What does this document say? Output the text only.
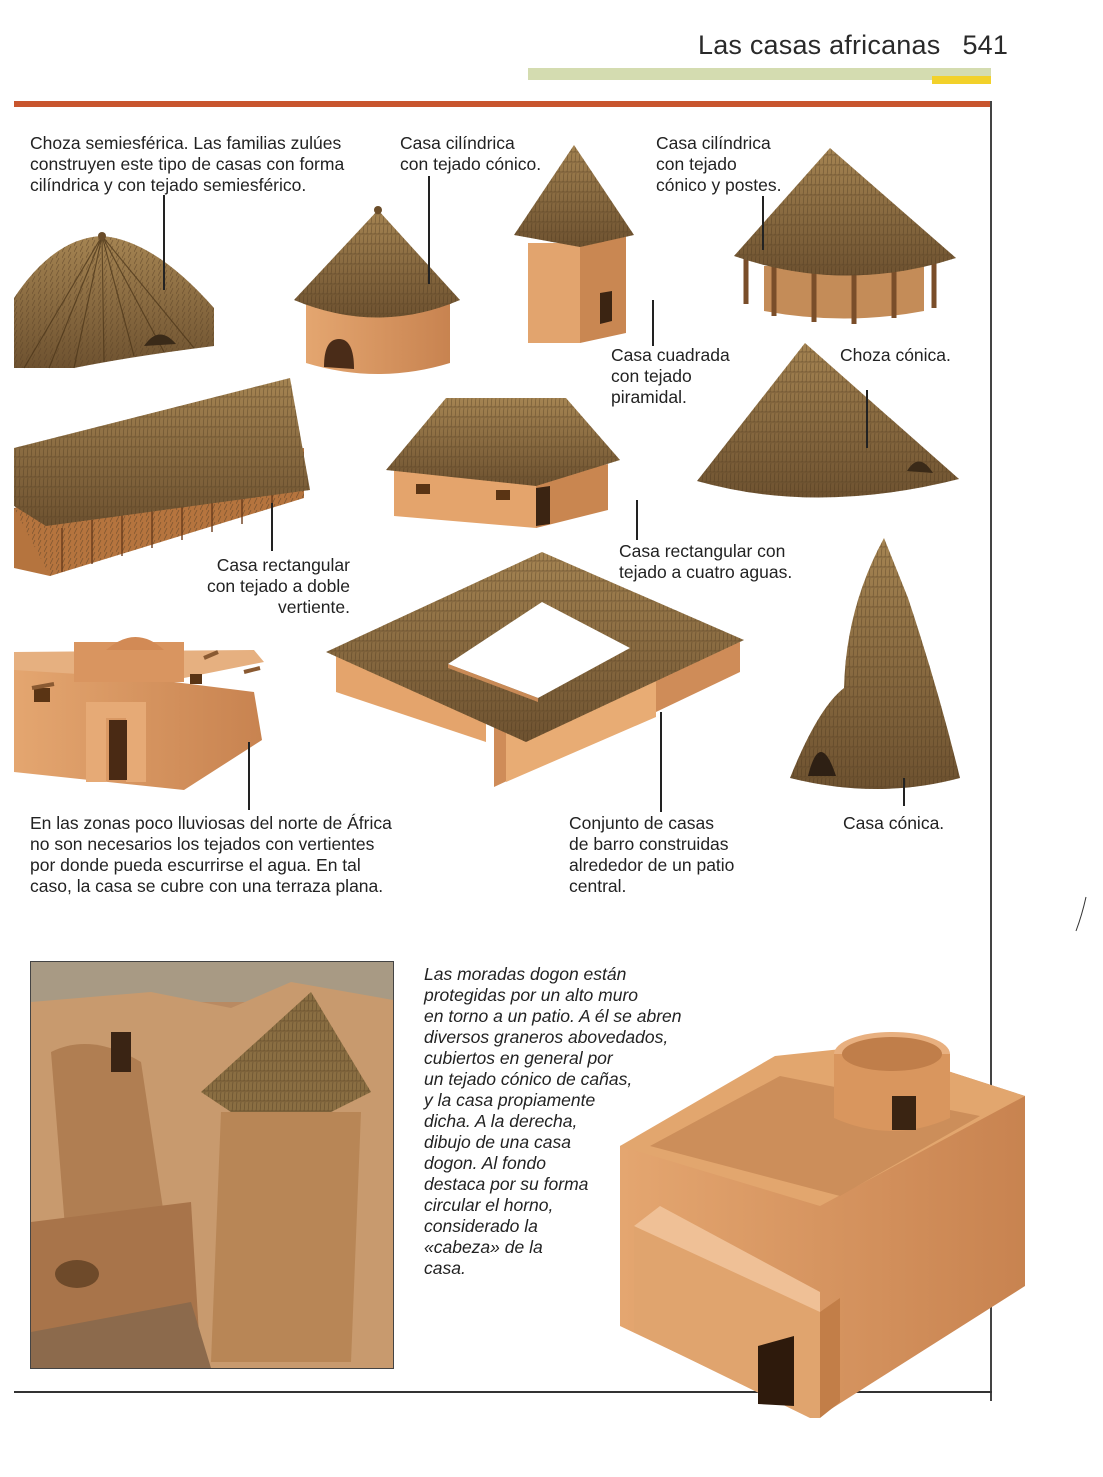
Las casas africanas 541
Choza semiesférica. Las familias zulúes
construyen este tipo de casas con forma
cilíndrica y con tejado semiesférico.
Casa cilíndrica
con tejado cónico.
Casa cilíndrica
con tejado
cónico y postes.
Casa cuadrada
con tejado
piramidal.
Choza cónica.
Casa rectangular
con tejado a doble
vertiente.
Casa rectangular con
tejado a cuatro aguas.
En las zonas poco lluviosas del norte de África
no son necesarios los tejados con vertientes
por donde pueda escurrirse el agua. En tal
caso, la casa se cubre con una terraza plana.
Conjunto de casas
de barro construidas
alrededor de un patio
central.
Casa cónica.
Las moradas dogon están
protegidas por un alto muro
en torno a un patio. A él se abren
diversos graneros abovedados,
cubiertos en general por
un tejado cónico de cañas,
y la casa propiamente
dicha. A la derecha,
dibujo de una casa
dogon. Al fondo
destaca por su forma
circular el horno,
considerado la
«cabeza» de la
casa.
